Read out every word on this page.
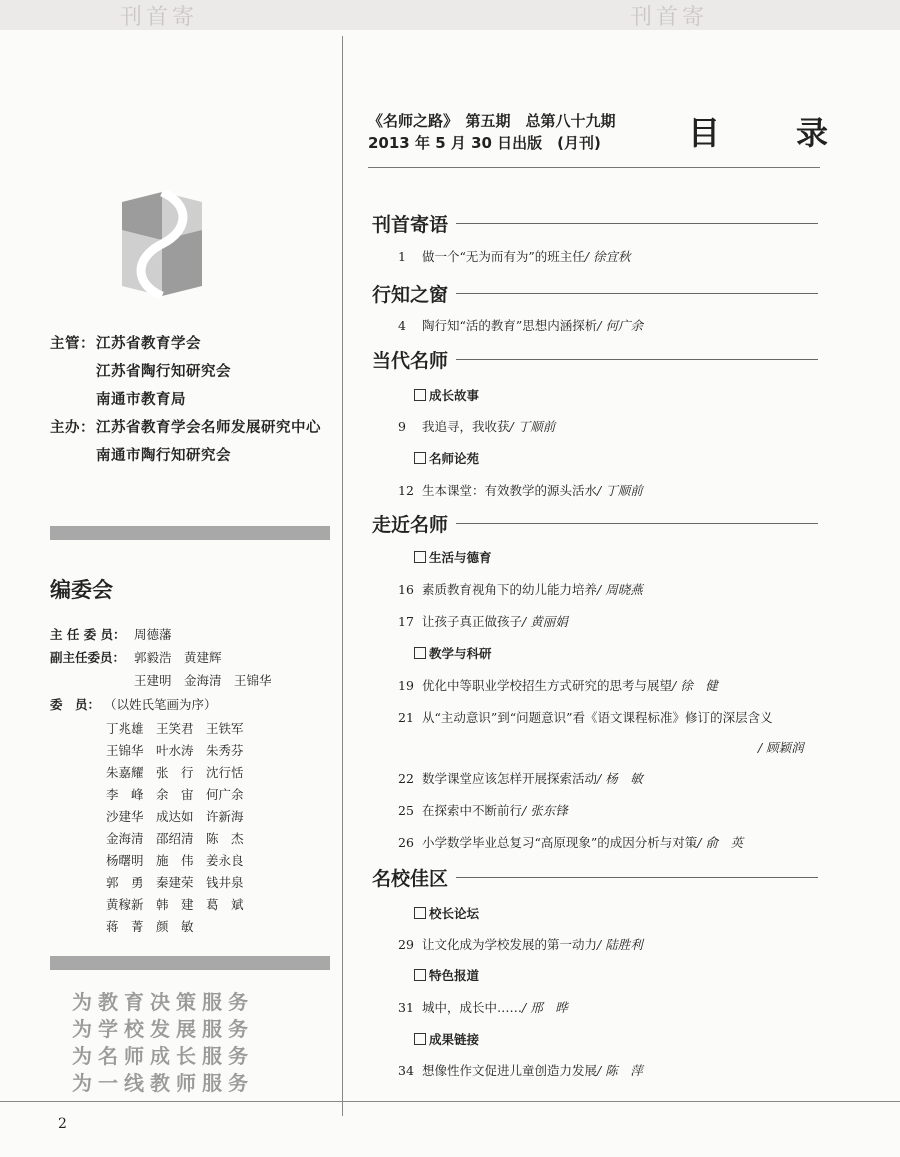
刊首寄	刊首寄
主管： 江苏省教育学会
江苏省陶行知研究会
南通市教育局
主办： 江苏省教育学会名师发展研究中心
南通市陶行知研究会
编委会
主 任 委 员： 周德藩
副主任委员： 郭毅浩　黄建辉
王建明　金海清　王锦华
委　员： （以姓氏笔画为序）
丁兆雄　王笑君　王铁军
王锦华　叶水涛　朱秀芬
朱嘉耀　张　行　沈行恬
李　峰　余　宙　何广余
沙建华　成达如　许新海
金海清　邵绍清　陈　杰
杨曙明　施　伟　姜永良
郭　勇　秦建荣　钱井泉
黄稼新　韩　建　葛　斌
蒋　菁　颜　敏
为教育决策服务
为学校发展服务
为名师成长服务
为一线教师服务
《名师之路》　第五期　总第八十九期
2013 年 5 月 30 日出版　(月刊)	目　录
刊首寄语
1 做一个“无为而有为”的班主任/ 徐宜秋
行知之窗
4 陶行知“活的教育”思想内涵探析/ 何广余
当代名师
成长故事
9 我追寻，我收获/ 丁顺前
名师论苑
12 生本课堂：有效教学的源头活水/ 丁顺前
走近名师
生活与德育
16 素质教育视角下的幼儿能力培养/ 周晓燕
17 让孩子真正做孩子/ 黄丽娟
教学与科研
19 优化中等职业学校招生方式研究的思考与展望/ 徐　健
21 从“主动意识”到“问题意识”看《语文课程标准》修订的深层含义
/ 顾颖润
22 数学课堂应该怎样开展探索活动/ 杨　敏
25 在探索中不断前行/ 张东锋
26 小学数学毕业总复习“高原现象”的成因分析与对策/ 俞　英
名校佳区
校长论坛
29 让文化成为学校发展的第一动力/ 陆胜利
特色报道
31 城中，成长中……/ 邢　晔
成果链接
34 想像性作文促进儿童创造力发展/ 陈　萍
2
